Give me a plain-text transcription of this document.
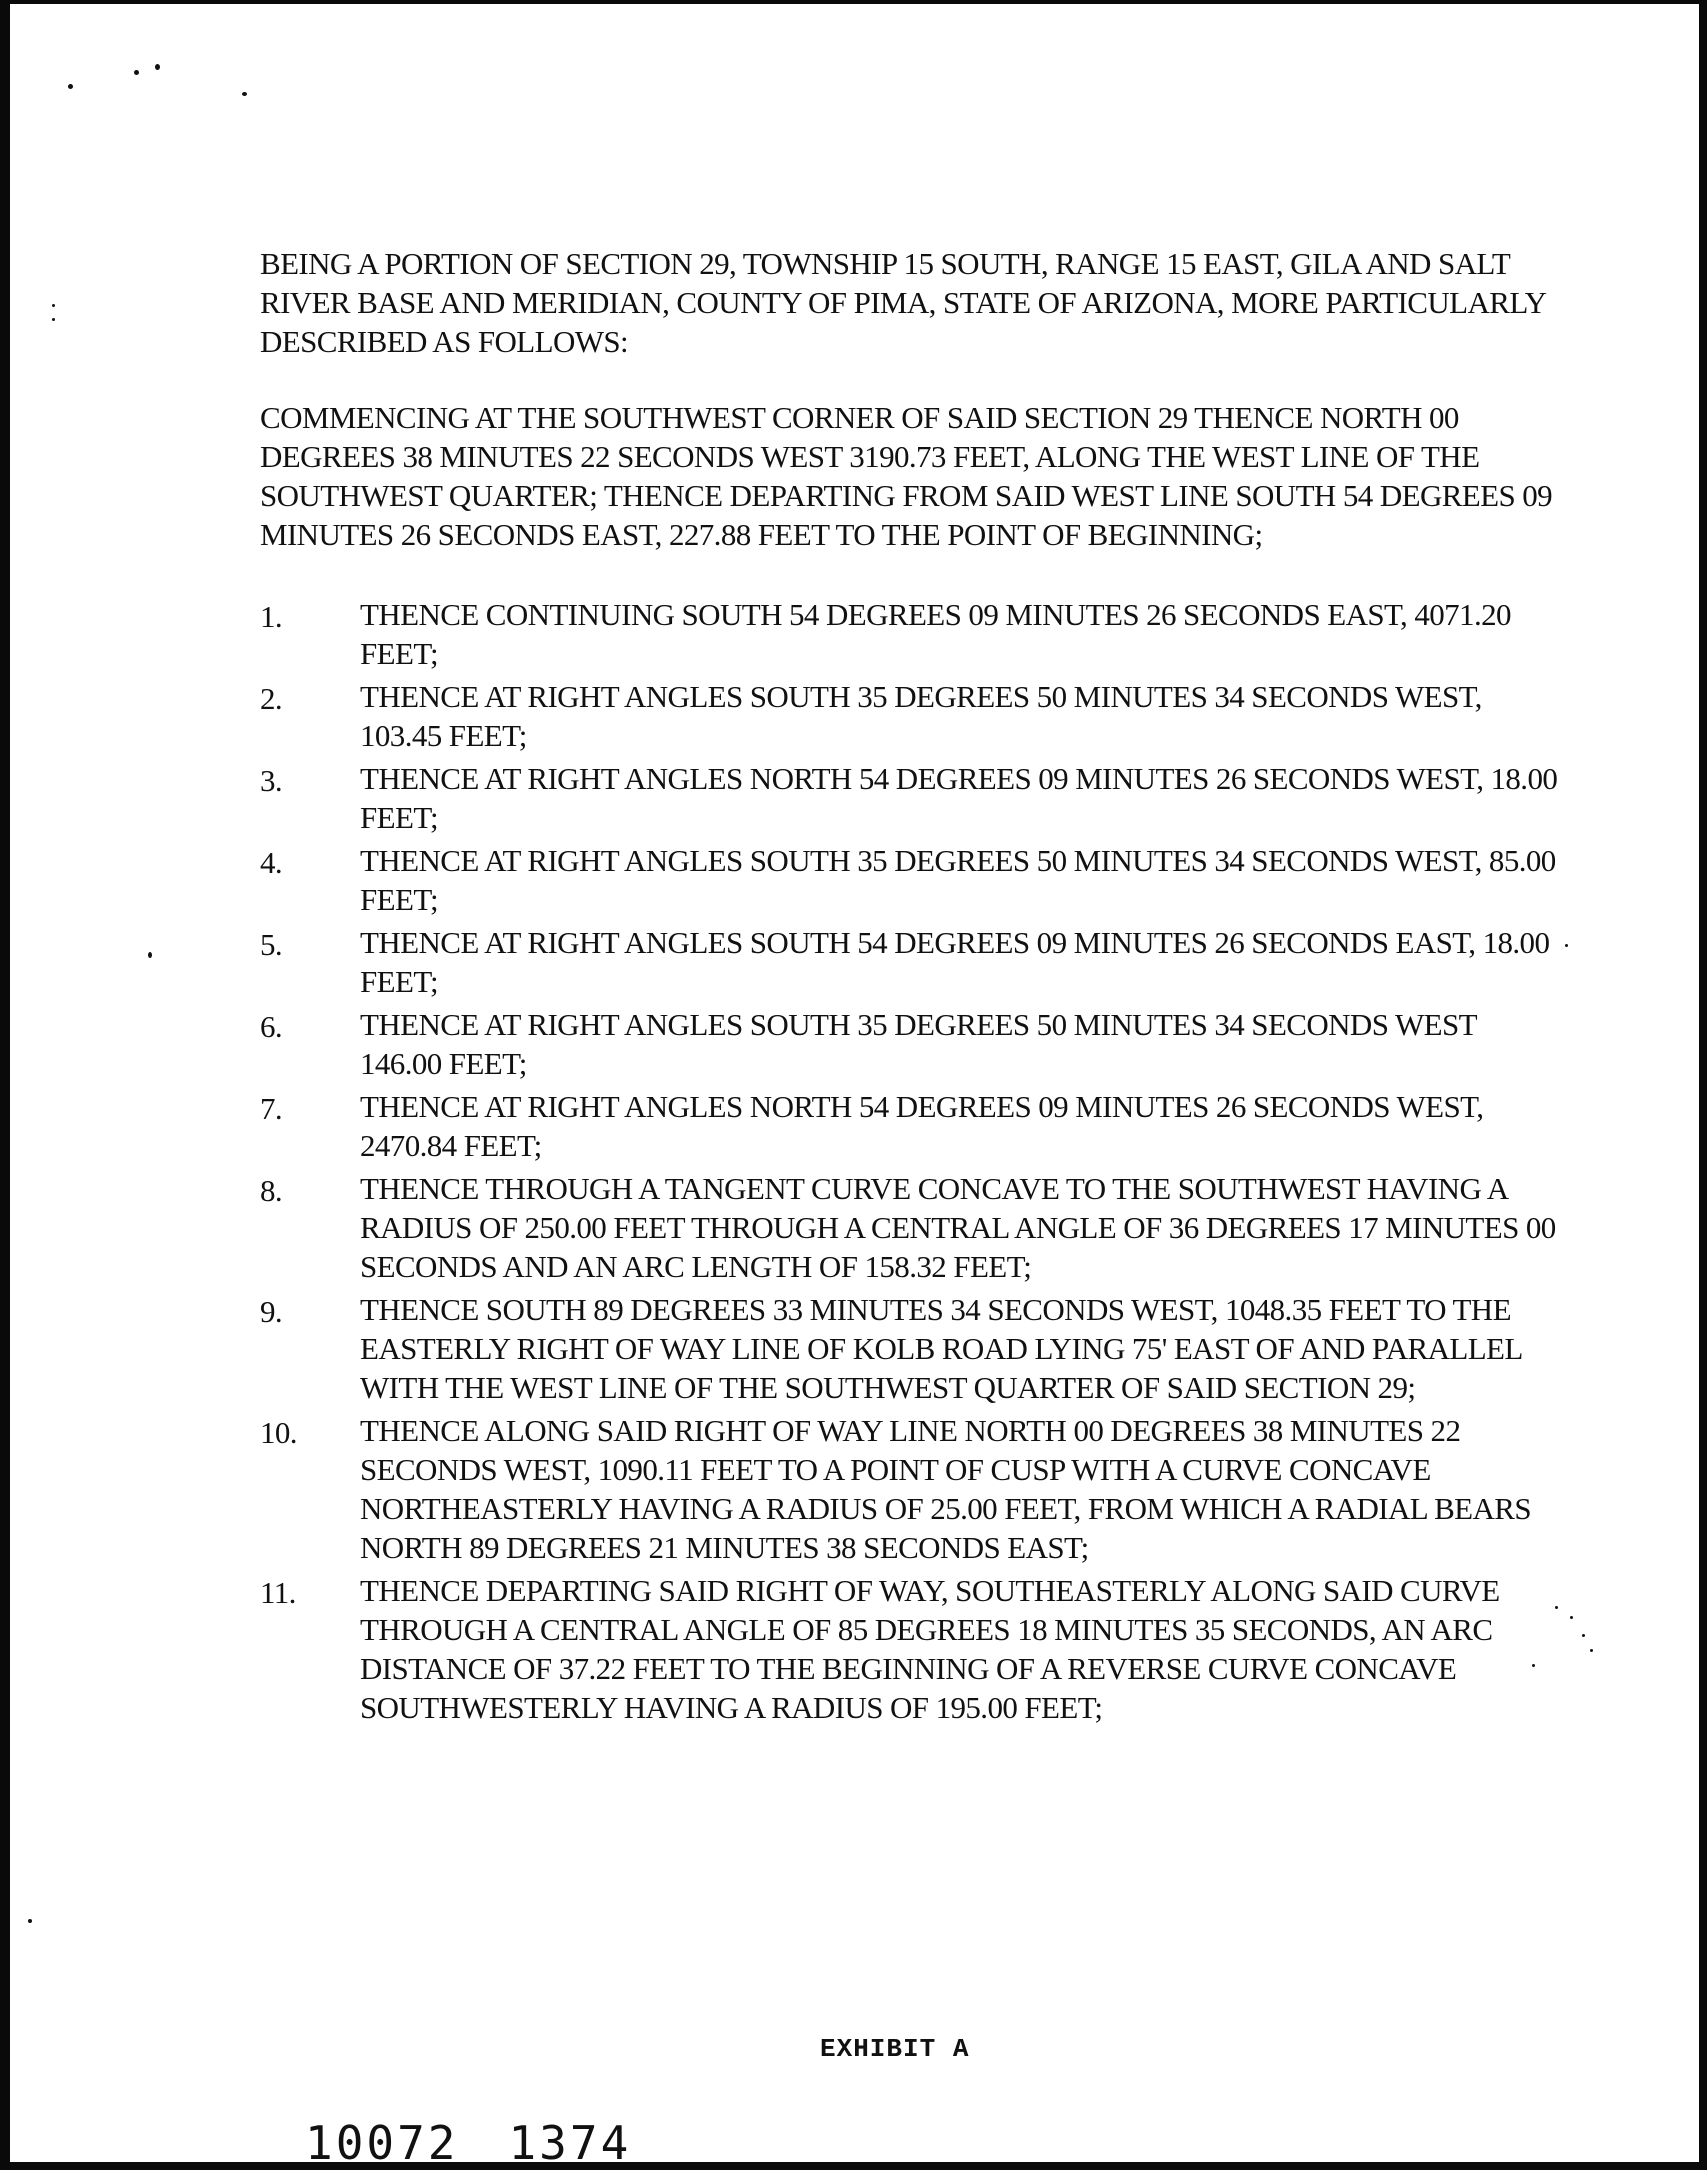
BEING A PORTION OF SECTION 29, TOWNSHIP 15 SOUTH, RANGE 15 EAST, GILA AND SALT RIVER BASE AND MERIDIAN, COUNTY OF PIMA, STATE OF ARIZONA, MORE PARTICULARLY DESCRIBED AS FOLLOWS:

COMMENCING AT THE SOUTHWEST CORNER OF SAID SECTION 29 THENCE NORTH 00 DEGREES 38 MINUTES 22 SECONDS WEST 3190.73 FEET, ALONG THE WEST LINE OF THE SOUTHWEST QUARTER; THENCE DEPARTING FROM SAID WEST LINE SOUTH 54 DEGREES 09 MINUTES 26 SECONDS EAST, 227.88 FEET TO THE POINT OF BEGINNING;

1.	THENCE CONTINUING SOUTH 54 DEGREES 09 MINUTES 26 SECONDS EAST, 4071.20 FEET;
2.	THENCE AT RIGHT ANGLES SOUTH 35 DEGREES 50 MINUTES 34 SECONDS WEST, 103.45 FEET;
3.	THENCE AT RIGHT ANGLES NORTH 54 DEGREES 09 MINUTES 26 SECONDS WEST, 18.00 FEET;
4.	THENCE AT RIGHT ANGLES SOUTH 35 DEGREES 50 MINUTES 34 SECONDS WEST, 85.00 FEET;
5.	THENCE AT RIGHT ANGLES SOUTH 54 DEGREES 09 MINUTES 26 SECONDS EAST, 18.00 FEET;
6.	THENCE AT RIGHT ANGLES SOUTH 35 DEGREES 50 MINUTES 34 SECONDS WEST 146.00 FEET;
7.	THENCE AT RIGHT ANGLES NORTH 54 DEGREES 09 MINUTES 26 SECONDS WEST, 2470.84 FEET;
8.	THENCE THROUGH A TANGENT CURVE CONCAVE TO THE SOUTHWEST HAVING A RADIUS OF 250.00 FEET THROUGH A CENTRAL ANGLE OF 36 DEGREES 17 MINUTES 00 SECONDS AND AN ARC LENGTH OF 158.32 FEET;
9.	THENCE SOUTH 89 DEGREES 33 MINUTES 34 SECONDS WEST, 1048.35 FEET TO THE EASTERLY RIGHT OF WAY LINE OF KOLB ROAD LYING 75' EAST OF AND PARALLEL WITH THE WEST LINE OF THE SOUTHWEST QUARTER OF SAID SECTION 29;
10.	THENCE ALONG SAID RIGHT OF WAY LINE NORTH 00 DEGREES 38 MINUTES 22 SECONDS WEST, 1090.11 FEET TO A POINT OF CUSP WITH A CURVE CONCAVE NORTHEASTERLY HAVING A RADIUS OF 25.00 FEET, FROM WHICH A RADIAL BEARS NORTH 89 DEGREES 21 MINUTES 38 SECONDS EAST;
11.	THENCE DEPARTING SAID RIGHT OF WAY, SOUTHEASTERLY ALONG SAID CURVE THROUGH A CENTRAL ANGLE OF 85 DEGREES 18 MINUTES 35 SECONDS, AN ARC DISTANCE OF 37.22 FEET TO THE BEGINNING OF A REVERSE CURVE CONCAVE SOUTHWESTERLY HAVING A RADIUS OF 195.00 FEET;
EXHIBIT A
10072 1374
